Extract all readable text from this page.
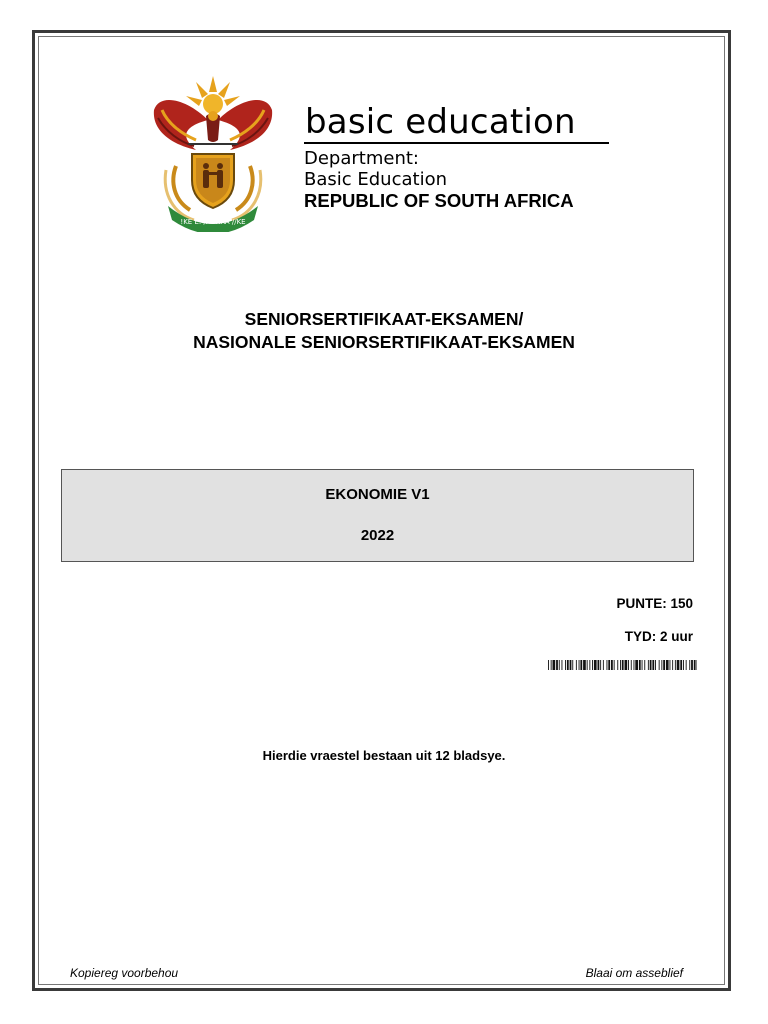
!KE E: /XARRA //KE
basic education
Department:
Basic Education
REPUBLIC OF SOUTH AFRICA
SENIORSERTIFIKAAT-EKSAMEN/
NASIONALE SENIORSERTIFIKAAT-EKSAMEN
EKONOMIE V1
2022
PUNTE: 150
TYD: 2 uur
Hierdie vraestel bestaan uit 12 bladsye.
Kopiereg voorbehou	Blaai om asseblief
